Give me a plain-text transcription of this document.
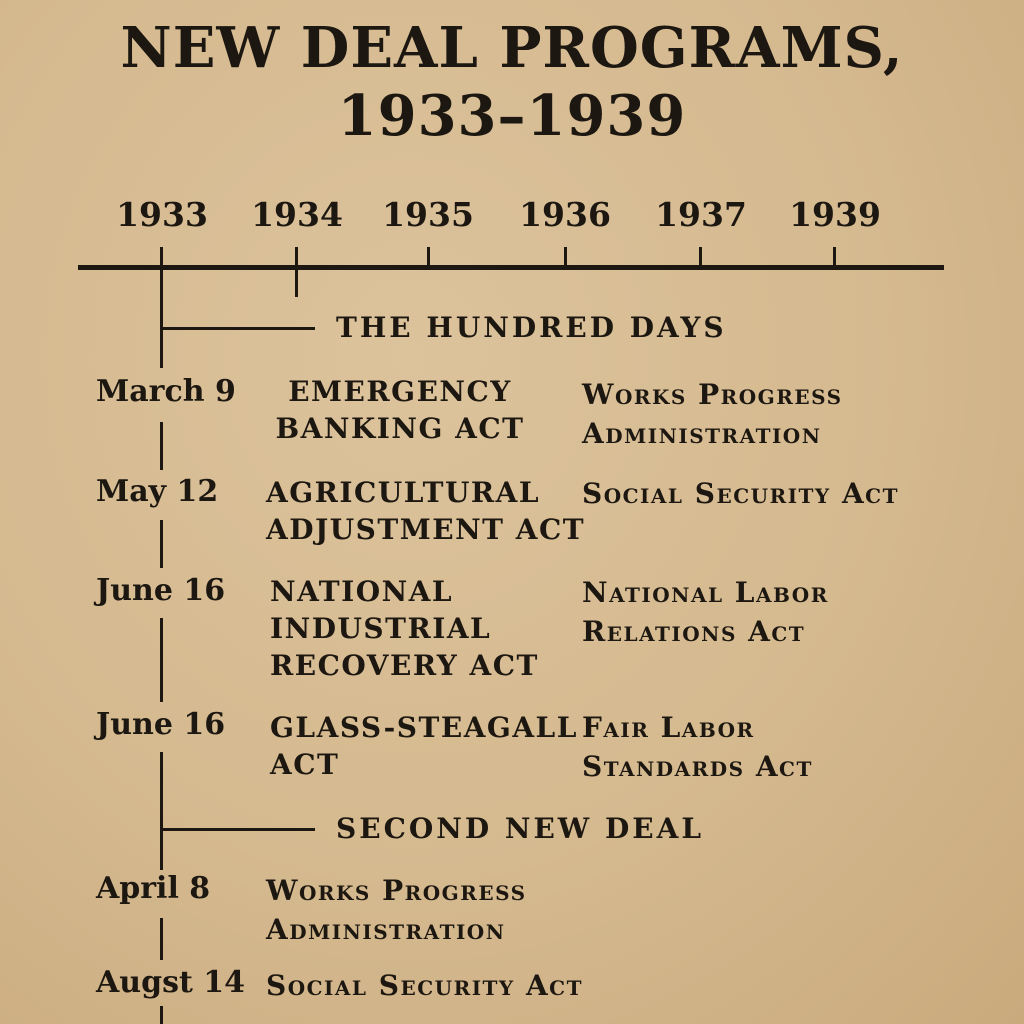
NEW DEAL PROGRAMS,
1933–1939
1933 1934 1935 1936 1937 1939
THE HUNDRED DAYS
SECOND NEW DEAL
March 9	EMERGENCY
BANKING ACT
Works Progress
Administration
May 12 AGRICULTURAL
ADJUSTMENT ACT
Social Security Act
June 16 NATIONAL
INDUSTRIAL
RECOVERY ACT
National Labor
Relations Act
June 16 GLASS-STEAGALL
ACT
Fair Labor
Standards Act
April 8 Works Progress
Administration
Augst 14 Social Security Act
